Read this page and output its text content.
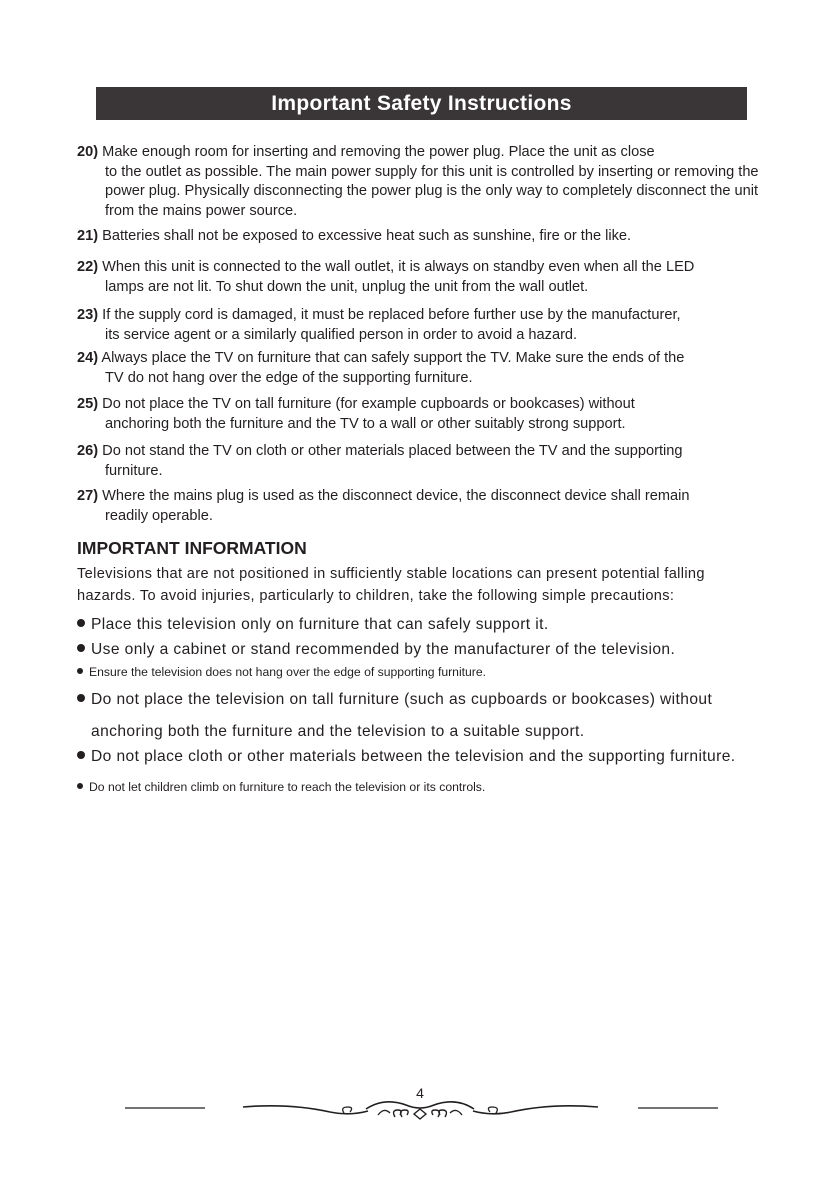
Important Safety Instructions
20) Make enough room for inserting and removing the power plug. Place the unit as close
to the outlet as possible. The main power supply for this unit is controlled by inserting or removing the power plug. Physically disconnecting the power plug is the only way to completely disconnect the unit from the mains power source.
21) Batteries shall not be exposed to excessive heat such as sunshine, fire or the like.
22) When this unit is connected to the wall outlet, it is always on standby even when all the LED
lamps are not lit. To shut down the unit, unplug the unit from the wall outlet.
23) If the supply cord is damaged, it must be replaced before further use by the manufacturer,
its service agent or a similarly qualified person in order to avoid a hazard.
24) Always place the TV on furniture that can safely support the TV. Make sure the ends of the
TV do not hang over the edge of the supporting furniture.
25) Do not place the TV on tall furniture (for example cupboards or bookcases) without
anchoring both the furniture and the TV to a wall or other suitably strong support.
26) Do not stand the TV on cloth or other materials placed between the TV and the supporting
furniture.
27) Where the mains plug is used as the disconnect device, the disconnect device shall remain
readily operable.
IMPORTANT INFORMATION
Televisions that are not positioned in sufficiently stable locations can present potential falling
hazards. To avoid injuries, particularly to children, take the following simple precautions:
Place this television only on furniture that can safely support it.
Use only a cabinet or stand recommended by the manufacturer of the television.
Ensure the television does not hang over the edge of supporting furniture.
Do not place the television on tall furniture (such as cupboards or bookcases) without
anchoring both the furniture and the television to a suitable support.
Do not place cloth or other materials between the television and the supporting furniture.
Do not let children climb on furniture to reach the television or its controls.
4
